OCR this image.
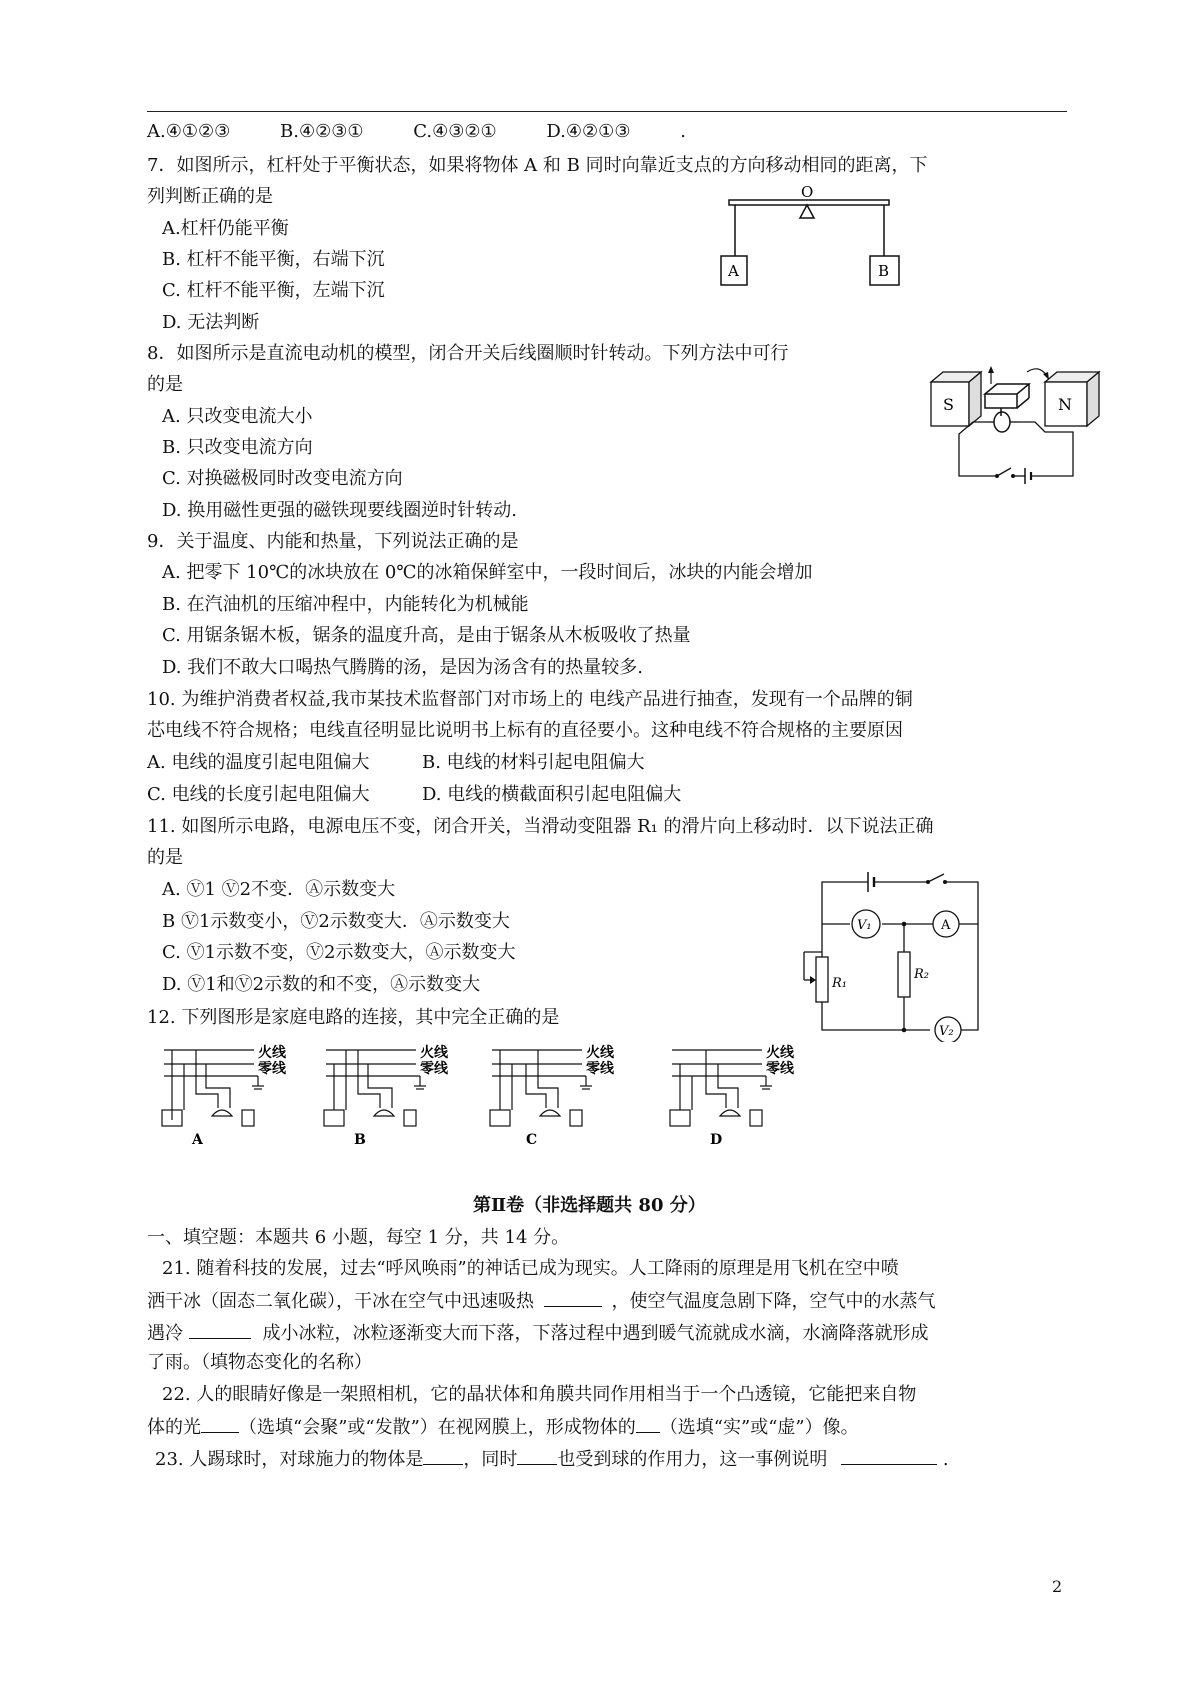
A.④①②③	B.④②③①	C.④③②①	D.④②①③	.
7．如图所示，杠杆处于平衡状态，如果将物体 A 和 B 同时向靠近支点的方向移动相同的距离，下
列判断正确的是
A.杠杆仍能平衡
B. 杠杆不能平衡，右端下沉
C. 杠杆不能平衡，左端下沉
D. 无法判断
O
A	B
8．如图所示是直流电动机的模型，闭合开关后线圈顺时针转动。下列方法中可行
的是
A. 只改变电流大小
B. 只改变电流方向
C. 对换磁极同时改变电流方向
D. 换用磁性更强的磁铁现要线圈逆时针转动.
S	N
9．关于温度、内能和热量，下列说法正确的是
A. 把零下 10℃的冰块放在 0℃的冰箱保鲜室中，一段时间后，冰块的内能会增加
B. 在汽油机的压缩冲程中，内能转化为机械能
C. 用锯条锯木板，锯条的温度升高，是由于锯条从木板吸收了热量
D. 我们不敢大口喝热气腾腾的汤，是因为汤含有的热量较多.
10. 为维护消费者权益,我市某技术监督部门对市场上的 电线产品进行抽查，发现有一个品牌的铜
芯电线不符合规格；电线直径明显比说明书上标有的直径要小。这种电线不符合规格的主要原因
A. 电线的温度引起电阻偏大	B. 电线的材料引起电阻偏大
C. 电线的长度引起电阻偏大	D. 电线的横截面积引起电阻偏大
11. 如图所示电路，电源电压不变，闭合开关，当滑动变阻器 R₁ 的滑片向上移动时．以下说法正确
的是
A. Ⓥ1 Ⓥ2不变．Ⓐ示数变大
B Ⓥ1示数变小，Ⓥ2示数变大．Ⓐ示数变大
C. Ⓥ1示数不变，Ⓥ2示数变大，Ⓐ示数变大
D. Ⓥ1和Ⓥ2示数的和不变，Ⓐ示数变大
V₁	A
R₂
R₁
V₂
12. 下列图形是家庭电路的连接，其中完全正确的是
火线
零线
A
火线
零线
B
火线
零线
C
火线
零线
D
第Ⅱ卷（非选择题共 80 分）
一、填空题：本题共 6 小题，每空 1 分，共 14 分。
21. 随着科技的发展，过去“呼风唤雨”的神话已成为现实。人工降雨的原理是用飞机在空中喷
洒干冰（固态二氧化碳），干冰在空气中迅速吸热	，使空气温度急剧下降，空气中的水蒸气
遇冷	成小冰粒，冰粒逐渐变大而下落，下落过程中遇到暖气流就成水滴，水滴降落就形成
了雨。（填物态变化的名称）
22. 人的眼睛好像是一架照相机，它的晶状体和角膜共同作用相当于一个凸透镜，它能把来自物
体的光 （选填“会聚”或“发散”）在视网膜上，形成物体的 （选填“实”或“虚”）像。
23. 人踢球时，对球施力的物体是 ，同时 也受到球的作用力，这一事例说明	.
2
